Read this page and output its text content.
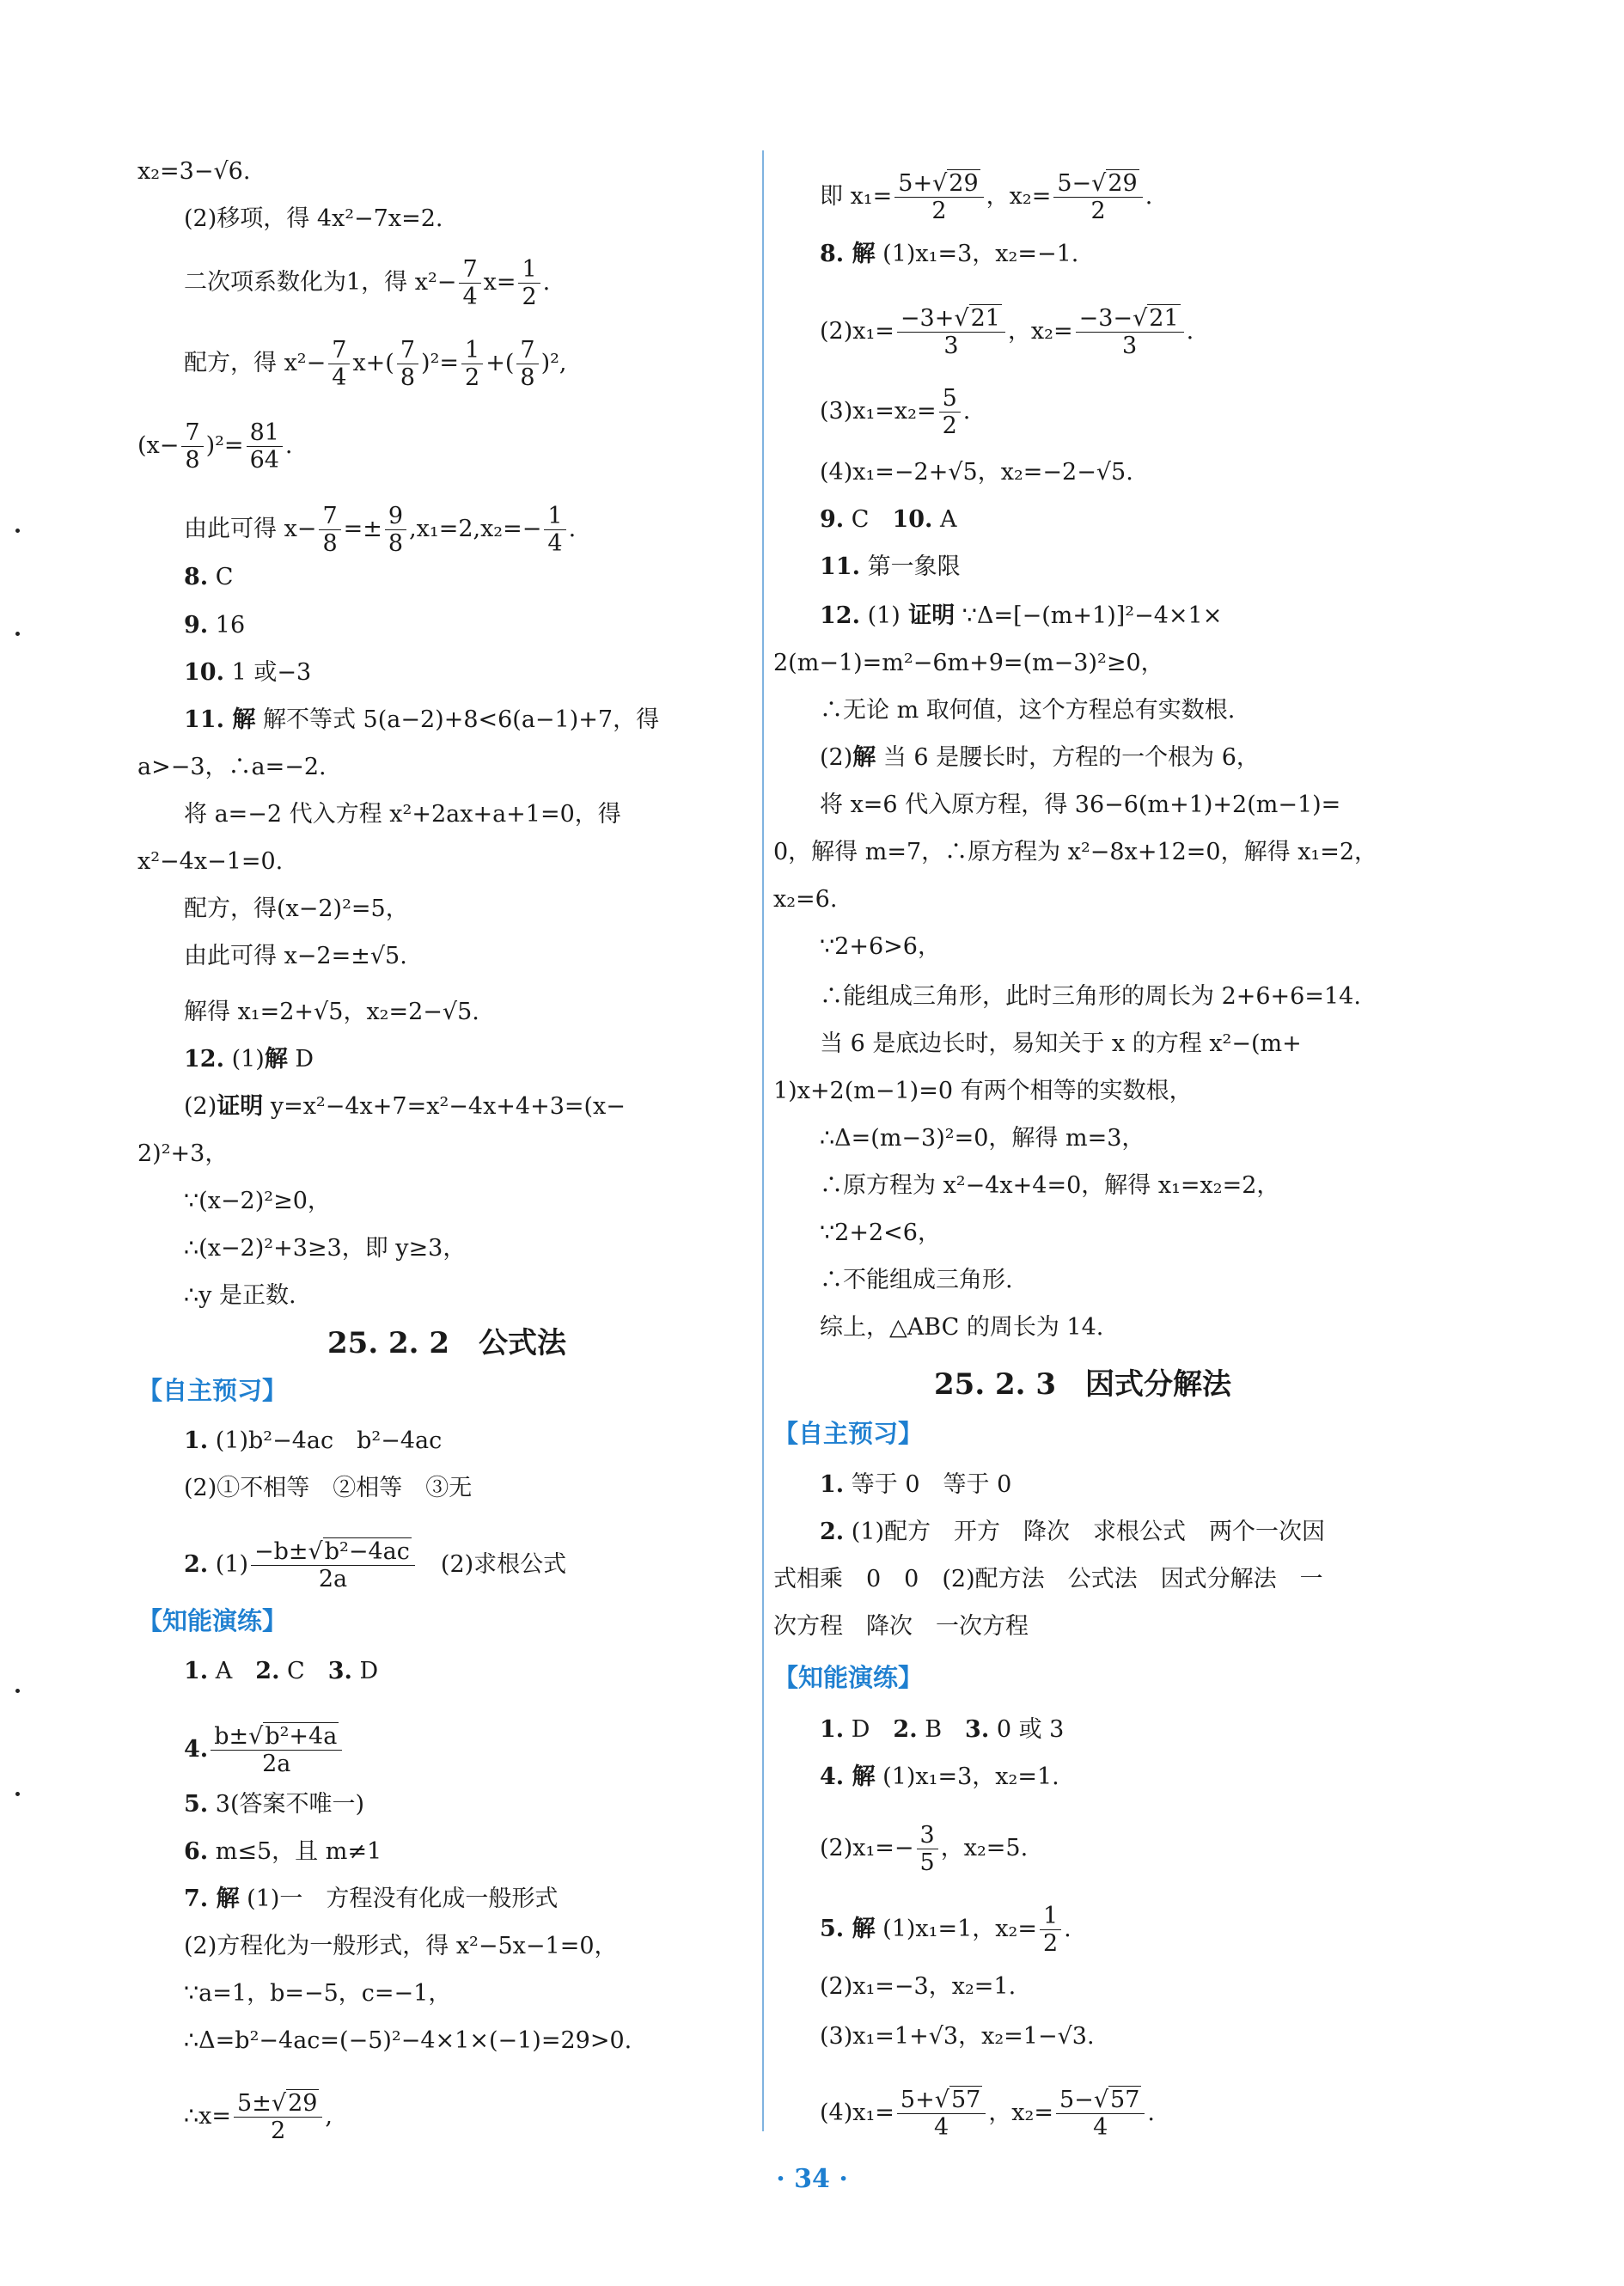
x₂=3−√6.
(2)移项，得 4x²−7x=2.
二次项系数化为1，得 $x^2- \frac{7}{4} x= \frac{1}{2}$ .
配方，得 $x^2- \frac{7}{4} x+( \frac{7}{8} )^2= \frac{1}{2}$ +( $\frac{7}{8} )^2$,
$(x- \frac{7}{8} )^2= \frac{81}{64}$ .
由此可得 $x- \frac{7}{8} =\pm \frac{9}{8} ,x_1=2,x_2=- \frac{1}{4}$ .
8. C
9. 16
10. 1 或−3
11. 解 解不等式 5(a−2)+8<6(a−1)+7，得
a>−3，∴a=−2.
将 a=−2 代入方程 x²+2ax+a+1=0，得
x²−4x−1=0.
配方，得(x−2)²=5，
由此可得 x−2=±√5.
解得 x₁=2+√5，x₂=2−√5.
12. (1)解 D
(2)证明 y=x²−4x+7=x²−4x+4+3=(x−
2)²+3，
∵(x−2)²≥0，
∴(x−2)²+3≥3，即 y≥3，
∴y 是正数.
25. 2. 2　公式法
【自主预习】
1. (1)b²−4ac　b²−4ac
(2)①不相等　②相等　③无
2. $(1) \frac{\text{−b±√b²−4ac}}{2a}$ 　(2)求根公式
【知能演练】
1. A　2. C　3. D
4. $\frac{\text{b±√b²+4a}}{2a}$
5. 3(答案不唯一)
6. m≤5，且 m≠1
7. 解 (1)一　方程没有化成一般形式
(2)方程化为一般形式，得 x²−5x−1=0，
∵a=1，b=−5，c=−1，
∴Δ=b²−4ac=(−5)²−4×1×(−1)=29>0.
∴x= $\frac{5\pm√29}{2}$ ,
即 $x_1= \frac{5+√29}{2}$ ，$x_2= \frac{5-√29}{2}$ .
8. 解 (1)x₁=3，x₂=−1.
$(2)x_1= \frac{-3+√21}{3}$ ，$x_2= \frac{-3-√21}{3}$ .
$(3)x_1=x_2= \frac{5}{2}$ .
(4)x₁=−2+√5，x₂=−2−√5.
9. C　10. A
11. 第一象限
12. (1) 证明 ∵Δ=[−(m+1)]²−4×1×
2(m−1)=m²−6m+9=(m−3)²≥0，
∴无论 m 取何值，这个方程总有实数根.
(2)解 当 6 是腰长时，方程的一个根为 6，
将 x=6 代入原方程，得 36−6(m+1)+2(m−1)=
0，解得 m=7，∴原方程为 x²−8x+12=0，解得 x₁=2，
x₂=6.
∵2+6>6，
∴能组成三角形，此时三角形的周长为 2+6+6=14.
当 6 是底边长时，易知关于 x 的方程 x²−(m+
1)x+2(m−1)=0 有两个相等的实数根，
∴Δ=(m−3)²=0，解得 m=3，
∴原方程为 x²−4x+4=0，解得 x₁=x₂=2，
∵2+2<6，
∴不能组成三角形.
综上，△ABC 的周长为 14.
25. 2. 3　因式分解法
【自主预习】
1. 等于 0　等于 0
2. (1)配方　开方　降次　求根公式　两个一次因
式相乘　0　0　(2)配方法　公式法　因式分解法　一
次方程　降次　一次方程
【知能演练】
1. D　2. B　3. 0 或 3
4. 解 (1)x₁=3，x₂=1.
$(2)x_1=- \frac{3}{5}$ ，x₂=5.
5. 解 (1)x₁=1，$x_2= \frac{1}{2}$ .
(2)x₁=−3，x₂=1.
(3)x₁=1+√3，x₂=1−√3.
$(4)x_1= \frac{5+√57}{4}$ ，$x_2= \frac{5-√57}{4}$ .
· 34 ·
